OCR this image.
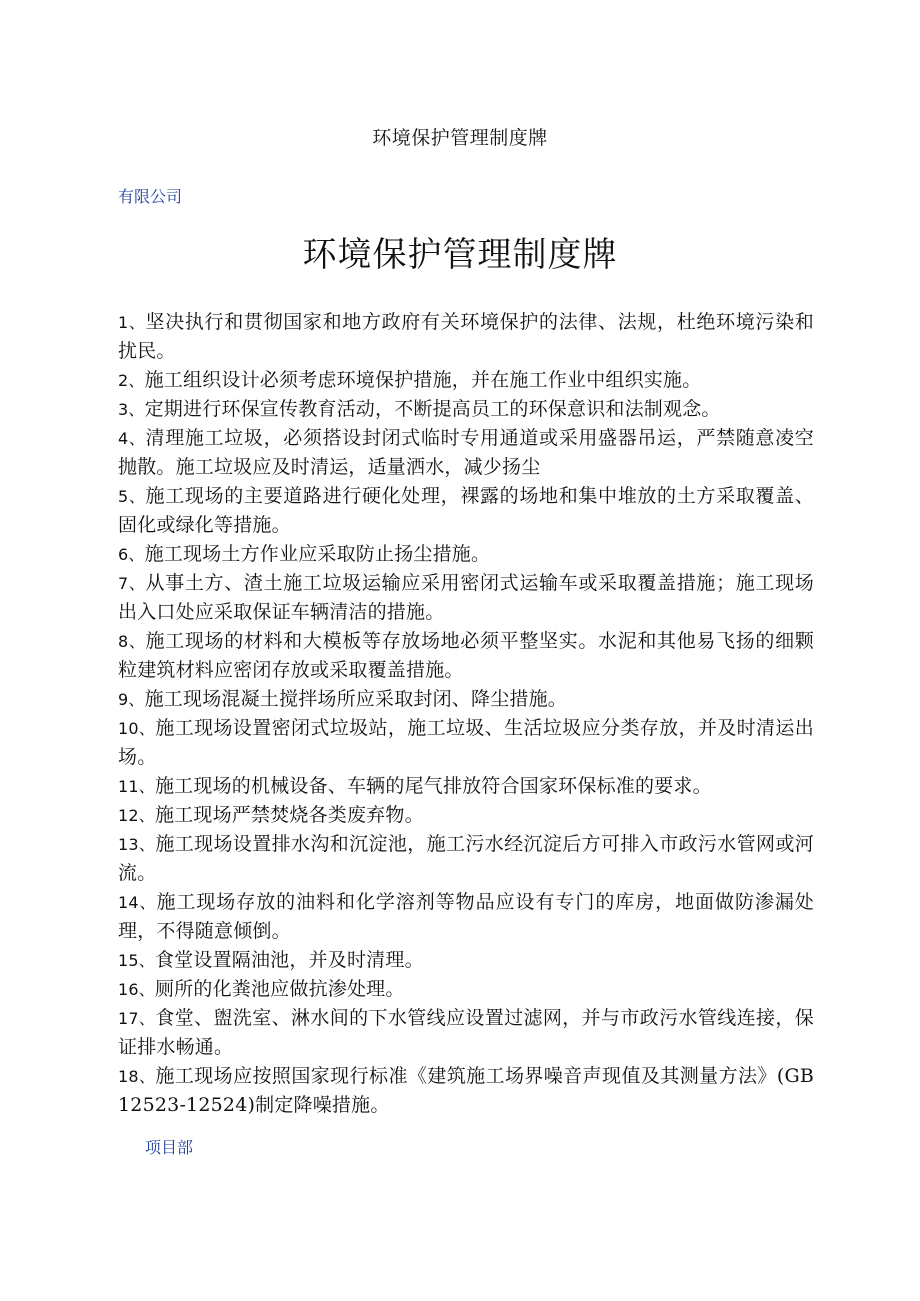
环境保护管理制度牌
有限公司
环境保护管理制度牌
1、坚决执行和贯彻国家和地方政府有关环境保护的法律、法规，杜绝环境污染和扰民。
2、施工组织设计必须考虑环境保护措施，并在施工作业中组织实施。
3、定期进行环保宣传教育活动，不断提高员工的环保意识和法制观念。
4、清理施工垃圾，必须搭设封闭式临时专用通道或采用盛器吊运，严禁随意凌空抛散。施工垃圾应及时清运，适量洒水，减少扬尘
5、施工现场的主要道路进行硬化处理，裸露的场地和集中堆放的土方采取覆盖、固化或绿化等措施。
6、施工现场土方作业应采取防止扬尘措施。
7、从事土方、渣土施工垃圾运输应采用密闭式运输车或采取覆盖措施；施工现场出入口处应采取保证车辆清洁的措施。
8、施工现场的材料和大模板等存放场地必须平整坚实。水泥和其他易飞扬的细颗粒建筑材料应密闭存放或采取覆盖措施。
9、施工现场混凝土搅拌场所应采取封闭、降尘措施。
10、施工现场设置密闭式垃圾站，施工垃圾、生活垃圾应分类存放，并及时清运出场。
11、施工现场的机械设备、车辆的尾气排放符合国家环保标准的要求。
12、施工现场严禁焚烧各类废弃物。
13、施工现场设置排水沟和沉淀池，施工污水经沉淀后方可排入市政污水管网或河流。
14、施工现场存放的油料和化学溶剂等物品应设有专门的库房，地面做防渗漏处理，不得随意倾倒。
15、食堂设置隔油池，并及时清理。
16、厕所的化粪池应做抗渗处理。
17、食堂、盥洗室、淋水间的下水管线应设置过滤网，并与市政污水管线连接，保证排水畅通。
18、施工现场应按照国家现行标准《建筑施工场界噪音声现值及其测量方法》(GB12523-12524)制定降噪措施。
项目部
